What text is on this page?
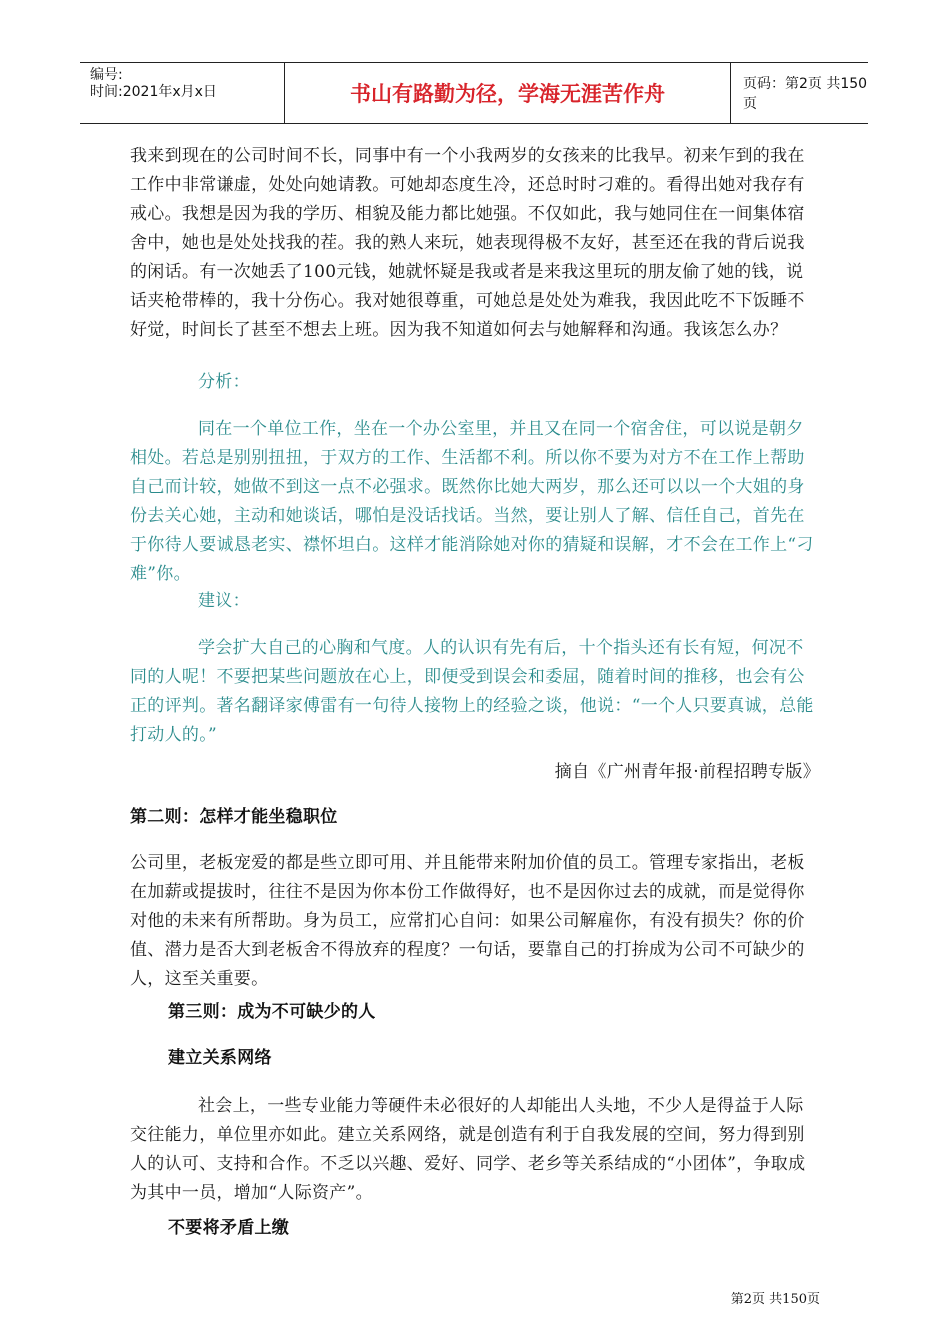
编号:
时间:2021年x月x日	书山有路勤为径，学海无涯苦作舟	页码：第2页 共150页

我来到现在的公司时间不长，同事中有一个小我两岁的女孩来的比我早。初来乍到的我在工作中非常谦虚，处处向她请教。可她却态度生冷，还总时时刁难的。看得出她对我存有戒心。我想是因为我的学历、相貌及能力都比她强。不仅如此，我与她同住在一间集体宿舍中，她也是处处找我的茬。我的熟人来玩，她表现得极不友好，甚至还在我的背后说我的闲话。有一次她丢了100元钱，她就怀疑是我或者是来我这里玩的朋友偷了她的钱，说话夹枪带棒的，我十分伤心。我对她很尊重，可她总是处处为难我，我因此吃不下饭睡不好觉，时间长了甚至不想去上班。因为我不知道如何去与她解释和沟通。我该怎么办？

分析：

同在一个单位工作，坐在一个办公室里，并且又在同一个宿舍住，可以说是朝夕相处。若总是别别扭扭，于双方的工作、生活都不利。所以你不要为对方不在工作上帮助自己而计较，她做不到这一点不必强求。既然你比她大两岁，那么还可以以一个大姐的身份去关心她，主动和她谈话，哪怕是没话找话。当然，要让别人了解、信任自己，首先在于你待人要诚恳老实、襟怀坦白。这样才能消除她对你的猜疑和误解，才不会在工作上“刁难”你。

建议：

学会扩大自己的心胸和气度。人的认识有先有后，十个指头还有长有短，何况不同的人呢！不要把某些问题放在心上，即便受到误会和委屈，随着时间的推移，也会有公正的评判。著名翻译家傅雷有一句待人接物上的经验之谈，他说：“一个人只要真诚，总能打动人的。”

摘自《广州青年报·前程招聘专版》

第二则：怎样才能坐稳职位

公司里，老板宠爱的都是些立即可用、并且能带来附加价值的员工。管理专家指出，老板在加薪或提拔时，往往不是因为你本份工作做得好，也不是因你过去的成就，而是觉得你对他的未来有所帮助。身为员工，应常扪心自问：如果公司解雇你，有没有损失？你的价值、潜力是否大到老板舍不得放弃的程度？一句话，要靠自己的打拚成为公司不可缺少的人，这至关重要。

第三则：成为不可缺少的人

建立关系网络

社会上，一些专业能力等硬件未必很好的人却能出人头地，不少人是得益于人际交往能力，单位里亦如此。建立关系网络，就是创造有利于自我发展的空间，努力得到别人的认可、支持和合作。不乏以兴趣、爱好、同学、老乡等关系结成的“小团体”，争取成为其中一员，增加“人际资产”。

不要将矛盾上缴

第2页 共150页
